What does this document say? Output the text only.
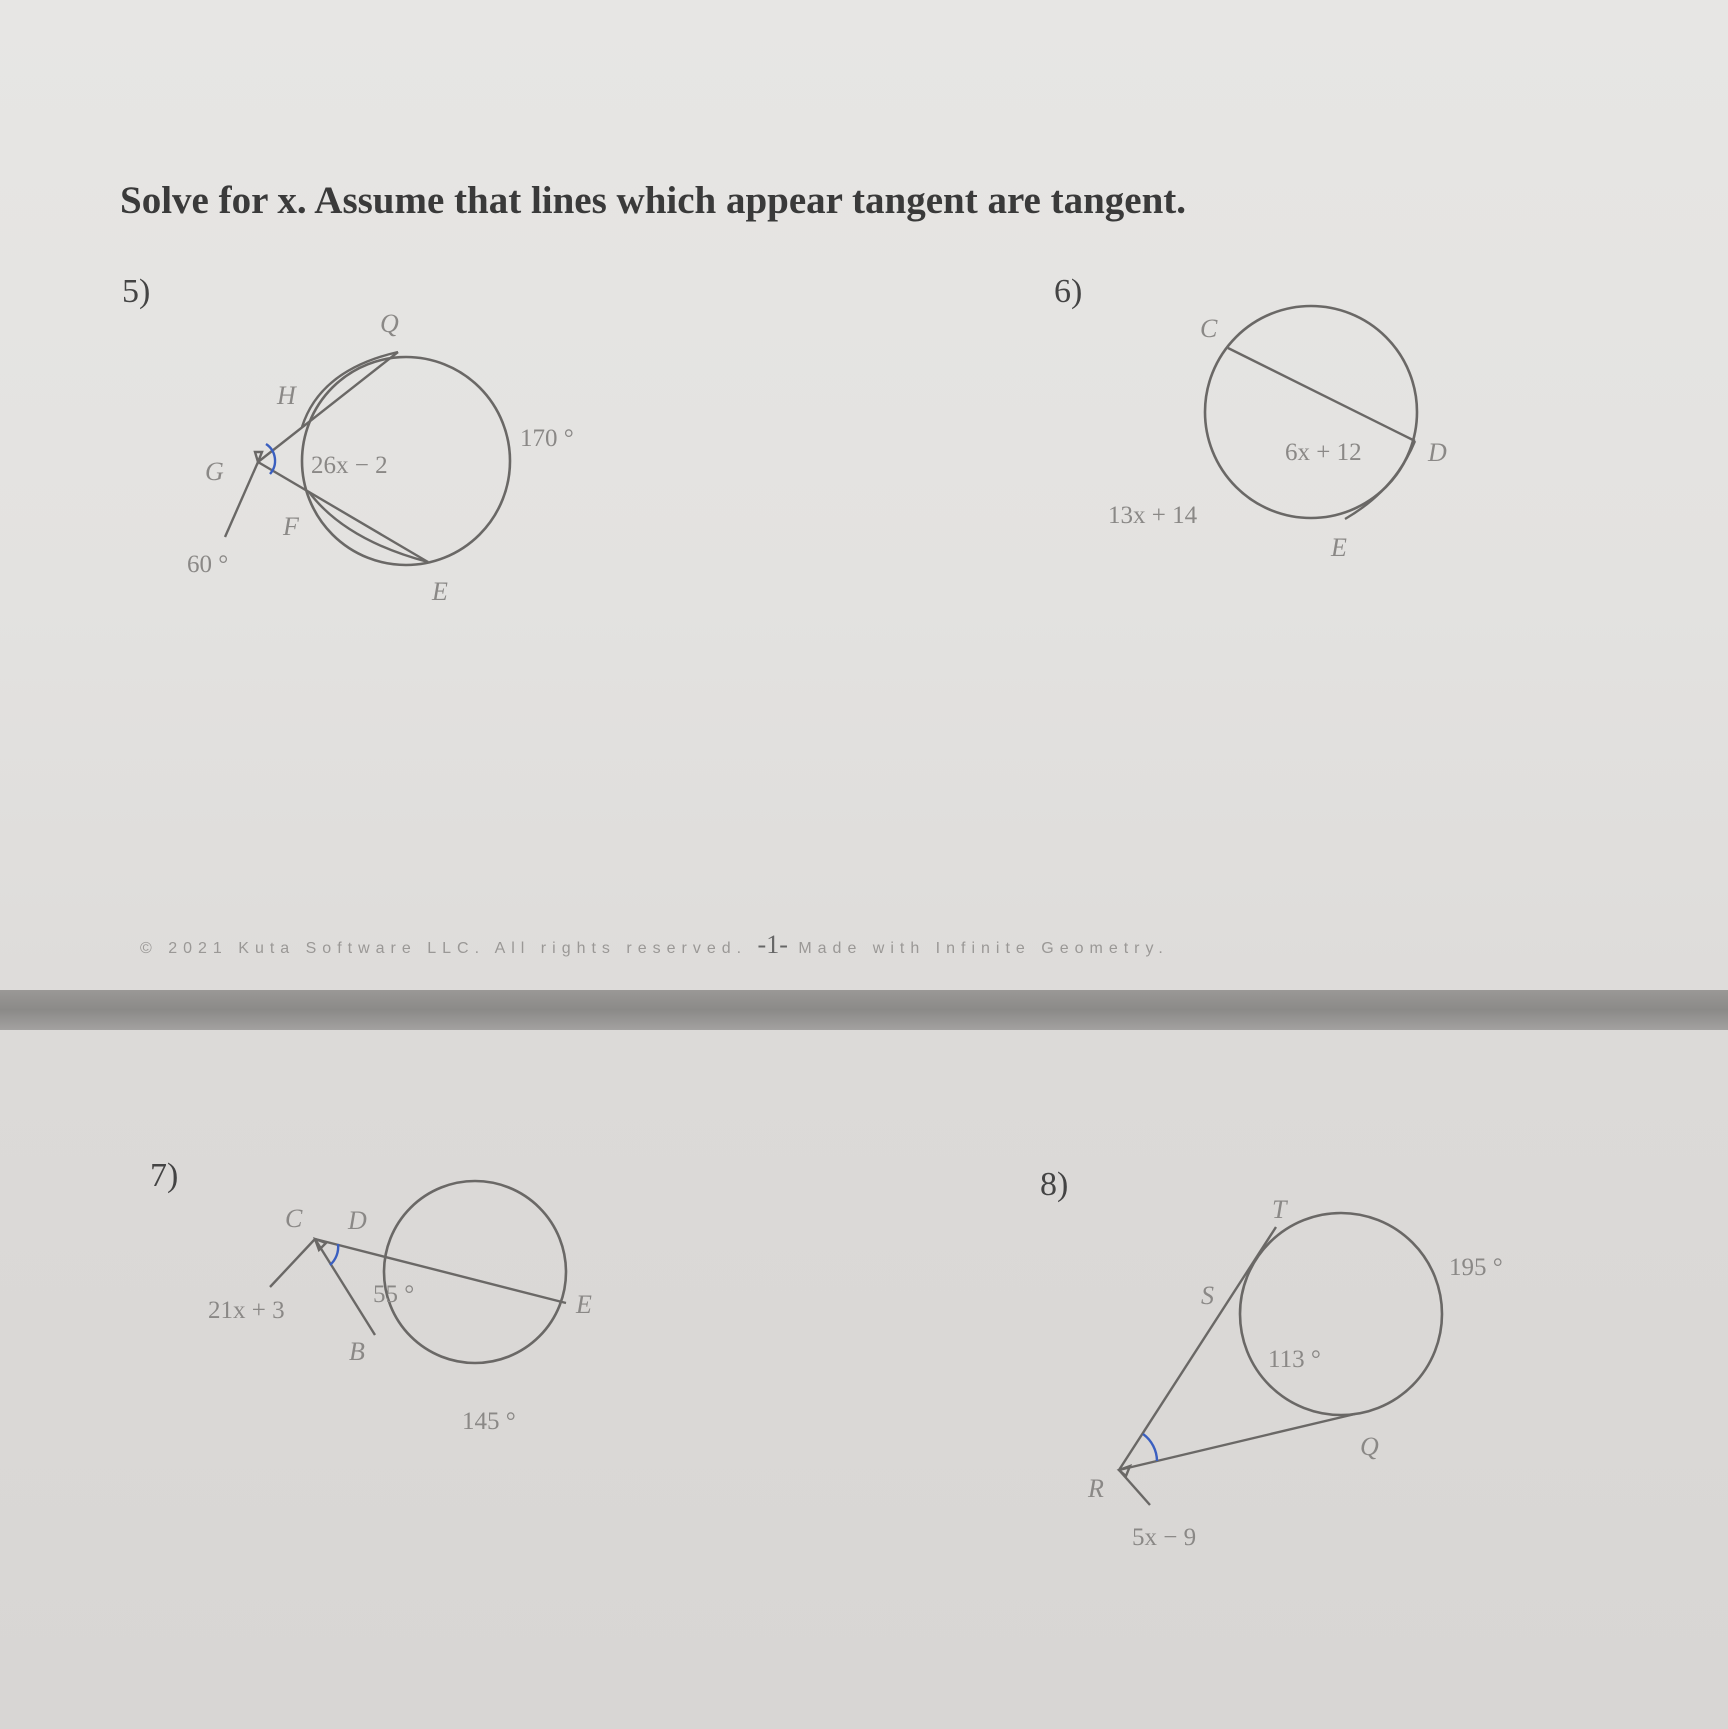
Solve for x. Assume that lines which appear tangent are tangent.
5)
Q
H
G
F
E
26x − 2
170 °
60 °
6)
C
D
E
6x + 12
13x + 14
7)
C D
E
B
21x + 3
55 °
145 °
8)
T
S
Q
R
195 °
113 °
5x − 9
© 2021 Kuta Software LLC. All rights reserved. -1- Made with Infinite Geometry.
